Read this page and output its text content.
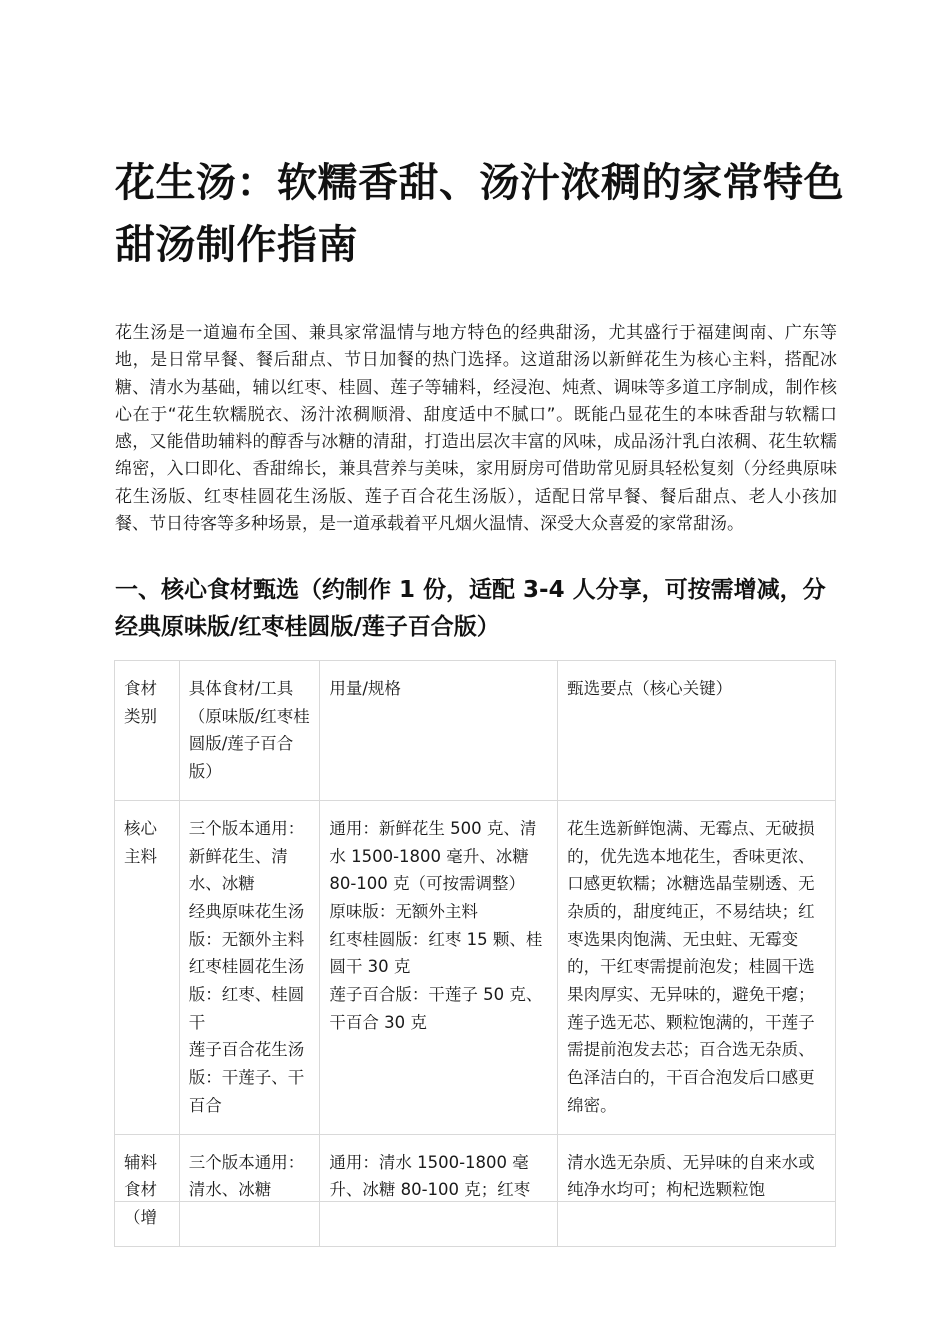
花生汤：软糯香甜、汤汁浓稠的家常特色甜汤制作指南

花生汤是一道遍布全国、兼具家常温情与地方特色的经典甜汤，尤其盛行于福建闽南、广东等地，是日常早餐、餐后甜点、节日加餐的热门选择。这道甜汤以新鲜花生为核心主料，搭配冰糖、清水为基础，辅以红枣、桂圆、莲子等辅料，经浸泡、炖煮、调味等多道工序制成，制作核心在于“花生软糯脱衣、汤汁浓稠顺滑、甜度适中不腻口”。既能凸显花生的本味香甜与软糯口感，又能借助辅料的醇香与冰糖的清甜，打造出层次丰富的风味，成品汤汁乳白浓稠、花生软糯绵密，入口即化、香甜绵长，兼具营养与美味，家用厨房可借助常见厨具轻松复刻（分经典原味花生汤版、红枣桂圆花生汤版、莲子百合花生汤版），适配日常早餐、餐后甜点、老人小孩加餐、节日待客等多种场景，是一道承载着平凡烟火温情、深受大众喜爱的家常甜汤。

一、核心食材甄选（约制作 1 份，适配 3-4 人分享，可按需增减，分经典原味版/红枣桂圆版/莲子百合版）
食材类别	具体食材/工具（原味版/红枣桂圆版/莲子百合版）	用量/规格	甄选要点（核心关键）
核心主料	三个版本通用：新鲜花生、清水、冰糖
经典原味花生汤版：无额外主料
红枣桂圆花生汤版：红枣、桂圆干
莲子百合花生汤版：干莲子、干百合	通用：新鲜花生 500 克、清水 1500-1800 毫升、冰糖 80-100 克（可按需调整）
原味版：无额外主料
红枣桂圆版：红枣 15 颗、桂圆干 30 克
莲子百合版：干莲子 50 克、干百合 30 克	花生选新鲜饱满、无霉点、无破损的，优先选本地花生，香味更浓、口感更软糯；冰糖选晶莹剔透、无杂质的，甜度纯正，不易结块；红枣选果肉饱满、无虫蛀、无霉变的，干红枣需提前泡发；桂圆干选果肉厚实、无异味的，避免干瘪；莲子选无芯、颗粒饱满的，干莲子需提前泡发去芯；百合选无杂质、色泽洁白的，干百合泡发后口感更绵密。
辅料食材（增	三个版本通用：清水、冰糖	通用：清水 1500-1800 毫升、冰糖 80-100 克；红枣	清水选无杂质、无异味的自来水或纯净水均可；枸杞选颗粒饱
